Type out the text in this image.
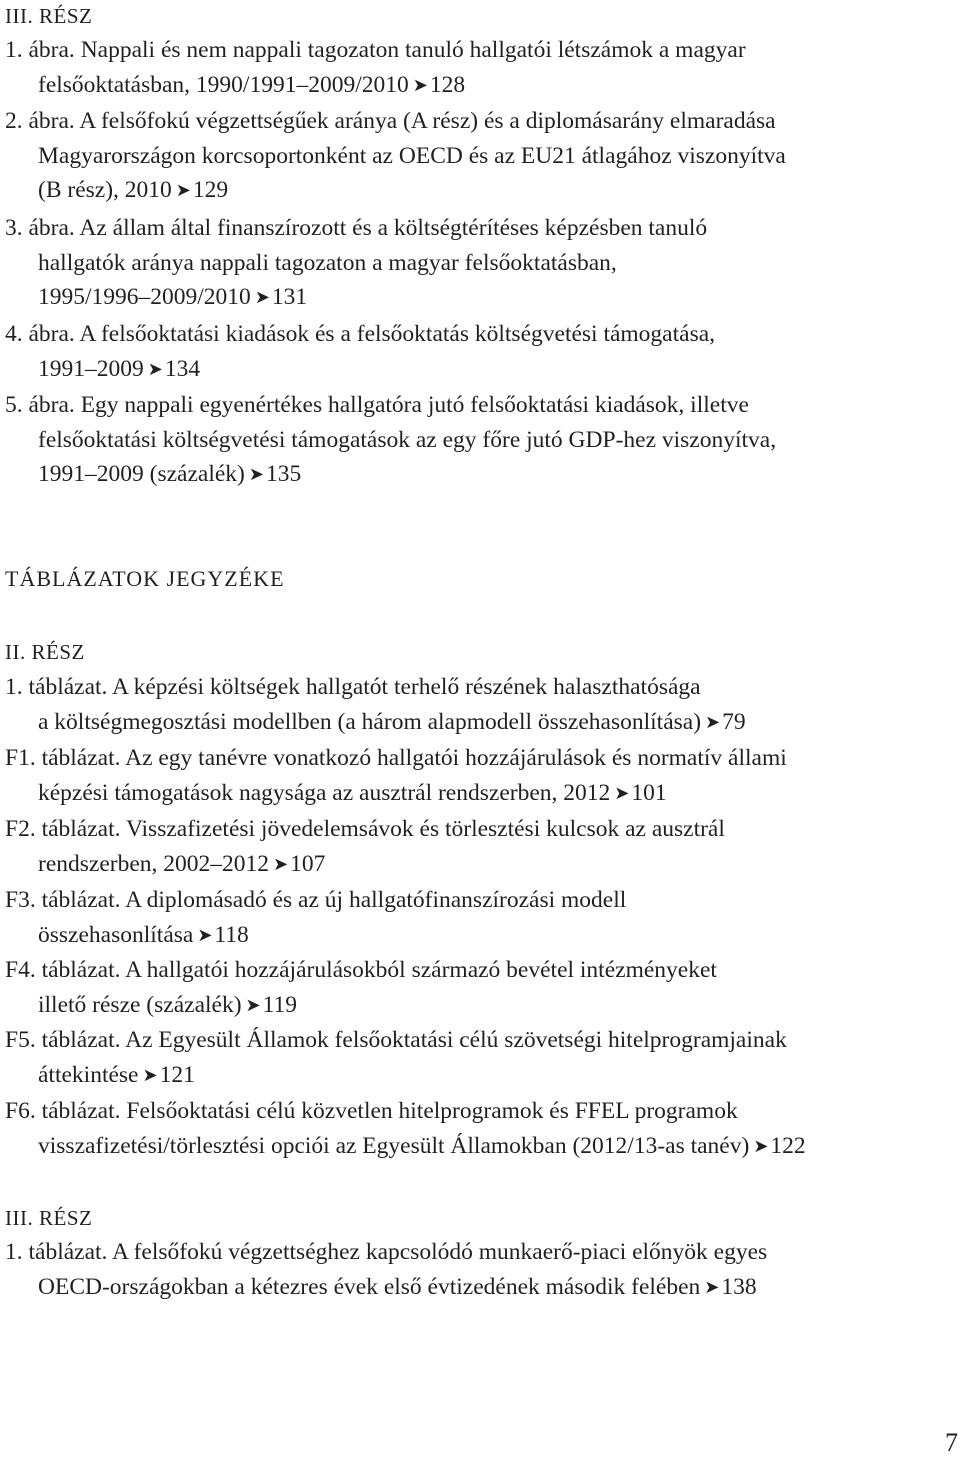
III. RÉSZ
1. ábra. Nappali és nem nappali tagozaton tanuló hallgatói létszámok a magyar
felsőoktatásban, 1990/1991–2009/2010 ➤128
2. ábra. A felsőfokú végzettségűek aránya (A rész) és a diplomásarány elmaradása
Magyarországon korcsoportonként az OECD és az EU21 átlagához viszonyítva
(B rész), 2010 ➤129
3. ábra. Az állam által finanszírozott és a költségtérítéses képzésben tanuló
hallgatók aránya nappali tagozaton a magyar felsőoktatásban,
1995/1996–2009/2010 ➤131
4. ábra. A felsőoktatási kiadások és a felsőoktatás költségvetési támogatása,
1991–2009 ➤134
5. ábra. Egy nappali egyenértékes hallgatóra jutó felsőoktatási kiadások, illetve
felsőoktatási költségvetési támogatások az egy főre jutó GDP-hez viszonyítva,
1991–2009 (százalék) ➤135
TÁBLÁZATOK JEGYZÉKE
II. RÉSZ
1. táblázat. A képzési költségek hallgatót terhelő részének halaszthatósága
a költségmegosztási modellben (a három alapmodell összehasonlítása) ➤79
F1. táblázat. Az egy tanévre vonatkozó hallgatói hozzájárulások és normatív állami
képzési támogatások nagysága az ausztrál rendszerben, 2012 ➤101
F2. táblázat. Visszafizetési jövedelemsávok és törlesztési kulcsok az ausztrál
rendszerben, 2002–2012 ➤107
F3. táblázat. A diplomásadó és az új hallgatófinanszírozási modell
összehasonlítása ➤118
F4. táblázat. A hallgatói hozzájárulásokból származó bevétel intézményeket
illető része (százalék) ➤119
F5. táblázat. Az Egyesült Államok felsőoktatási célú szövetségi hitelprogramjainak
áttekintése ➤121
F6. táblázat. Felsőoktatási célú közvetlen hitelprogramok és FFEL programok
visszafizetési/törlesztési opciói az Egyesült Államokban (2012/13-as tanév) ➤122
III. RÉSZ
1. táblázat. A felsőfokú végzettséghez kapcsolódó munkaerő-piaci előnyök egyes
OECD-országokban a kétezres évek első évtizedének második felében ➤138
7
